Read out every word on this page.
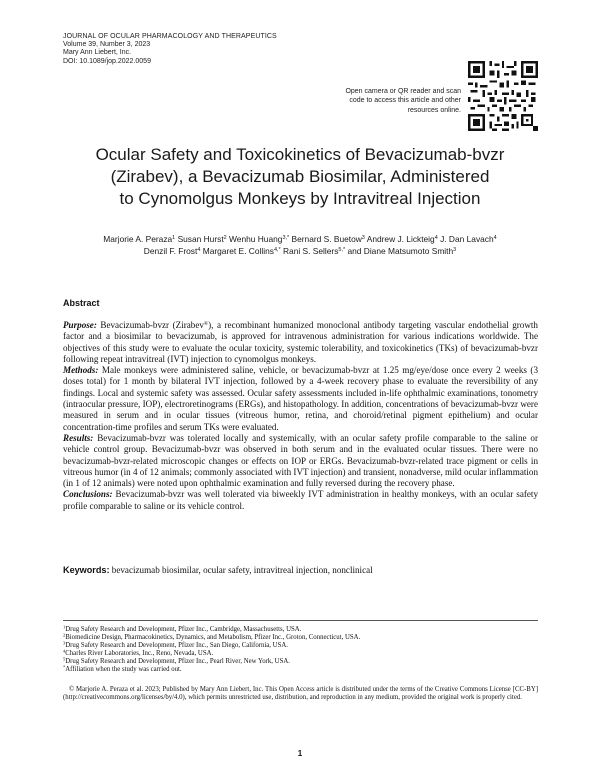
JOURNAL OF OCULAR PHARMACOLOGY AND THERAPEUTICS
Volume 39, Number 3, 2023
Mary Ann Liebert, Inc.
DOI: 10.1089/jop.2022.0059
Open camera or QR reader and scan code to access this article and other resources online.
Ocular Safety and Toxicokinetics of Bevacizumab-bvzr
(Zirabev), a Bevacizumab Biosimilar, Administered
to Cynomolgus Monkeys by Intravitreal Injection
Marjorie A. Peraza$^1$ Susan Hurst$^2$ Wenhu Huang$^{3,*}$ Bernard S. Buetow$^3$ Andrew J. Lickteig$^4$ J. Dan Lavach$^4$
Denzil F. Frost$^4$ Margaret E. Collins$^{4,*}$ Rani S. Sellers$^{5,*}$ and Diane Matsumoto Smith$^3$
Abstract

Purpose: Bevacizumab-bvzr (Zirabev®), a recombinant humanized monoclonal antibody targeting vascular endothelial growth factor and a biosimilar to bevacizumab, is approved for intravenous administration for various indications worldwide. The objectives of this study were to evaluate the ocular toxicity, systemic tolerability, and toxicokinetics (TKs) of bevacizumab-bvzr following repeat intravitreal (IVT) injection to cynomolgus monkeys.

Methods: Male monkeys were administered saline, vehicle, or bevacizumab-bvzr at 1.25 mg/eye/dose once every 2 weeks (3 doses total) for 1 month by bilateral IVT injection, followed by a 4-week recovery phase to evaluate the reversibility of any findings. Local and systemic safety was assessed. Ocular safety assessments included in-life ophthalmic examinations, tonometry (intraocular pressure, IOP), electroretinograms (ERGs), and histopathology. In addition, concentrations of bevacizumab-bvzr were measured in serum and in ocular tissues (vitreous humor, retina, and choroid/retinal pigment epithelium) and ocular concentration-time profiles and serum TKs were evaluated.

Results: Bevacizumab-bvzr was tolerated locally and systemically, with an ocular safety profile comparable to the saline or vehicle control group. Bevacizumab-bvzr was observed in both serum and in the evaluated ocular tissues. There were no bevacizumab-bvzr-related microscopic changes or effects on IOP or ERGs. Bevacizumab-bvzr-related trace pigment or cells in vitreous humor (in 4 of 12 animals; commonly associated with IVT injection) and transient, nonadverse, mild ocular inflammation (in 1 of 12 animals) were noted upon ophthalmic examination and fully reversed during the recovery phase.

Conclusions: Bevacizumab-bvzr was well tolerated via biweekly IVT administration in healthy monkeys, with an ocular safety profile comparable to saline or its vehicle control.

Keywords: bevacizumab biosimilar, ocular safety, intravitreal injection, nonclinical
$^1$Drug Safety Research and Development, Pfizer Inc., Cambridge, Massachusetts, USA.
$^2$Biomedicine Design, Pharmacokinetics, Dynamics, and Metabolism, Pfizer Inc., Groton, Connecticut, USA.
$^3$Drug Safety Research and Development, Pfizer Inc., San Diego, California, USA.
$^4$Charles River Laboratories, Inc., Reno, Nevada, USA.
$^5$Drug Safety Research and Development, Pfizer Inc., Pearl River, New York, USA.
*Affiliation when the study was carried out.
© Marjorie A. Peraza et al. 2023; Published by Mary Ann Liebert, Inc. This Open Access article is distributed under the terms of the Creative Commons License [CC-BY] (http://creativecommons.org/licenses/by/4.0), which permits unrestricted use, distribution, and reproduction in any medium, provided the original work is properly cited.
1
